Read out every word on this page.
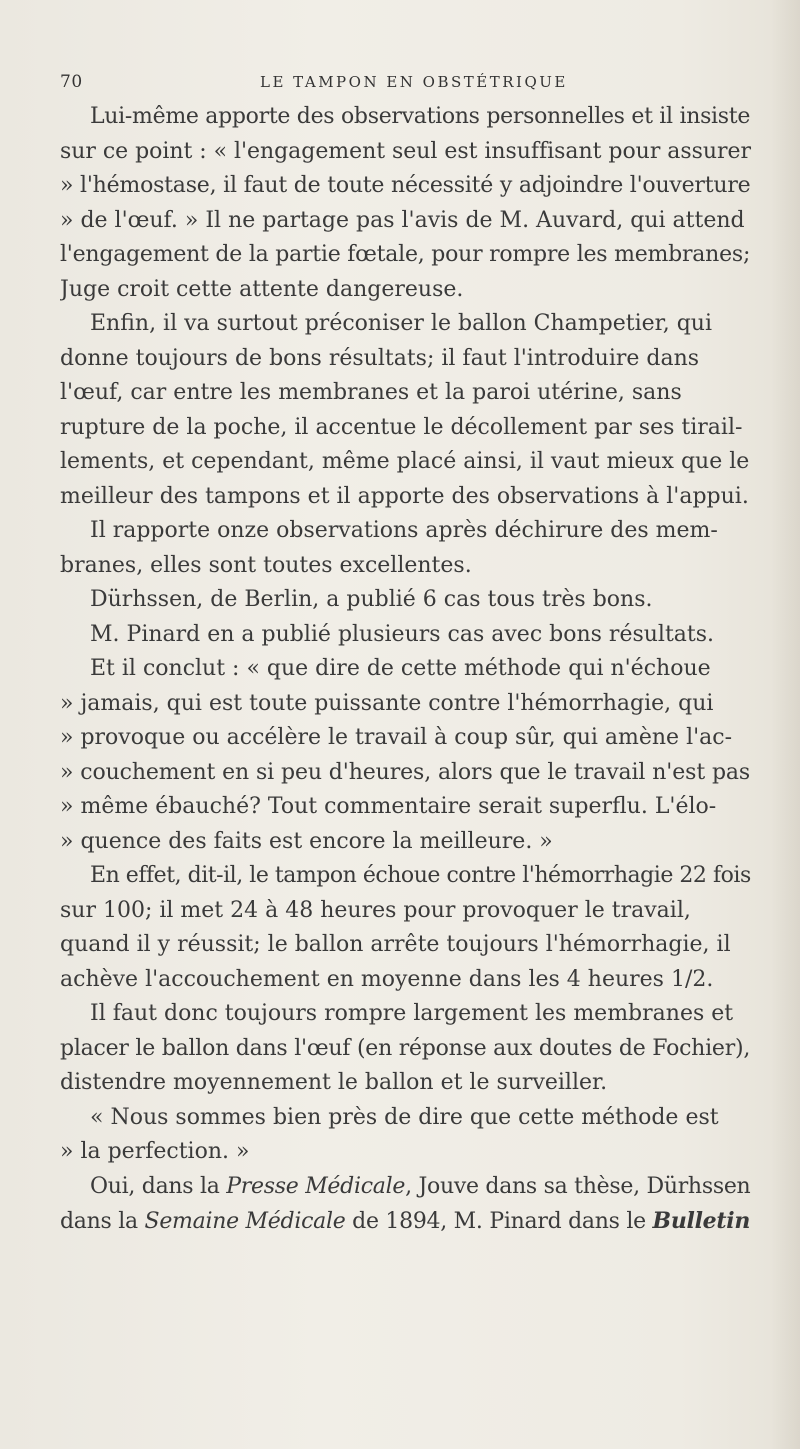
70	LE TAMPON EN OBSTÉTRIQUE
Lui-même apporte des observations personnelles et il insiste
sur ce point : « l'engagement seul est insuffisant pour assurer
» l'hémostase, il faut de toute nécessité y adjoindre l'ouverture
» de l'œuf. » Il ne partage pas l'avis de M. Auvard, qui attend
l'engagement de la partie fœtale, pour rompre les membranes;
Juge croit cette attente dangereuse.
Enfin, il va surtout préconiser le ballon Champetier, qui
donne toujours de bons résultats; il faut l'introduire dans
l'œuf, car entre les membranes et la paroi utérine, sans
rupture de la poche, il accentue le décollement par ses tirail-
lements, et cependant, même placé ainsi, il vaut mieux que le
meilleur des tampons et il apporte des observations à l'appui.
Il rapporte onze observations après déchirure des mem-
branes, elles sont toutes excellentes.
Dürhssen, de Berlin, a publié 6 cas tous très bons.
M. Pinard en a publié plusieurs cas avec bons résultats.
Et il conclut : « que dire de cette méthode qui n'échoue
» jamais, qui est toute puissante contre l'hémorrhagie, qui
» provoque ou accélère le travail à coup sûr, qui amène l'ac-
» couchement en si peu d'heures, alors que le travail n'est pas
» même ébauché? Tout commentaire serait superflu. L'élo-
» quence des faits est encore la meilleure. »
En effet, dit-il, le tampon échoue contre l'hémorrhagie 22 fois
sur 100; il met 24 à 48 heures pour provoquer le travail,
quand il y réussit; le ballon arrête toujours l'hémorrhagie, il
achève l'accouchement en moyenne dans les 4 heures 1/2.
Il faut donc toujours rompre largement les membranes et
placer le ballon dans l'œuf (en réponse aux doutes de Fochier),
distendre moyennement le ballon et le surveiller.
« Nous sommes bien près de dire que cette méthode est
» la perfection. »
Oui, dans la Presse Médicale, Jouve dans sa thèse, Dürhssen
dans la Semaine Médicale de 1894, M. Pinard dans le Bulletin
